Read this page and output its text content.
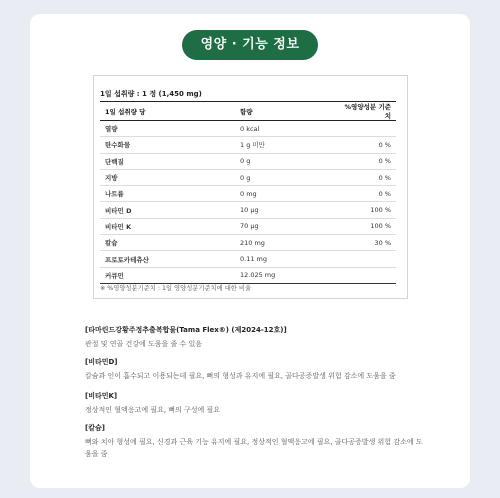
영양 · 기능 정보
1일 섭취량 : 1 정 (1,450 mg)
1일 섭취량 당	함량	%영양성분 기준치
열량	0 kcal	
탄수화물	1 g 미만	0 %
단백질	0 g	0 %
지방	0 g	0 %
나트륨	0 mg	0 %
비타민 D	10 μg	100 %
비타민 K	70 μg	100 %
칼슘	210 mg	30 %
프로토카테츄산	0.11 mg	
커큐민	12.025 mg	
※ %영양성분기준치 : 1일 영양성분기준치에 대한 비율
[타마린드강황주정추출복합물(Tama Flex®) (제2024-12호)]
관절 및 연골 건강에 도움을 줄 수 있음
[비타민D]
칼슘과 인이 흡수되고 이용되는데 필요, 뼈의 형성과 유지에 필요, 골다공증발생 위험 감소에 도움을 줌
[비타민K]
정상적인 혈액응고에 필요, 뼈의 구성에 필요
[칼슘]
뼈와 치아 형성에 필요, 신경과 근육 기능 유지에 필요, 정상적인 혈액응고에 필요, 골다공증발생 위험 감소에 도움을 줌
